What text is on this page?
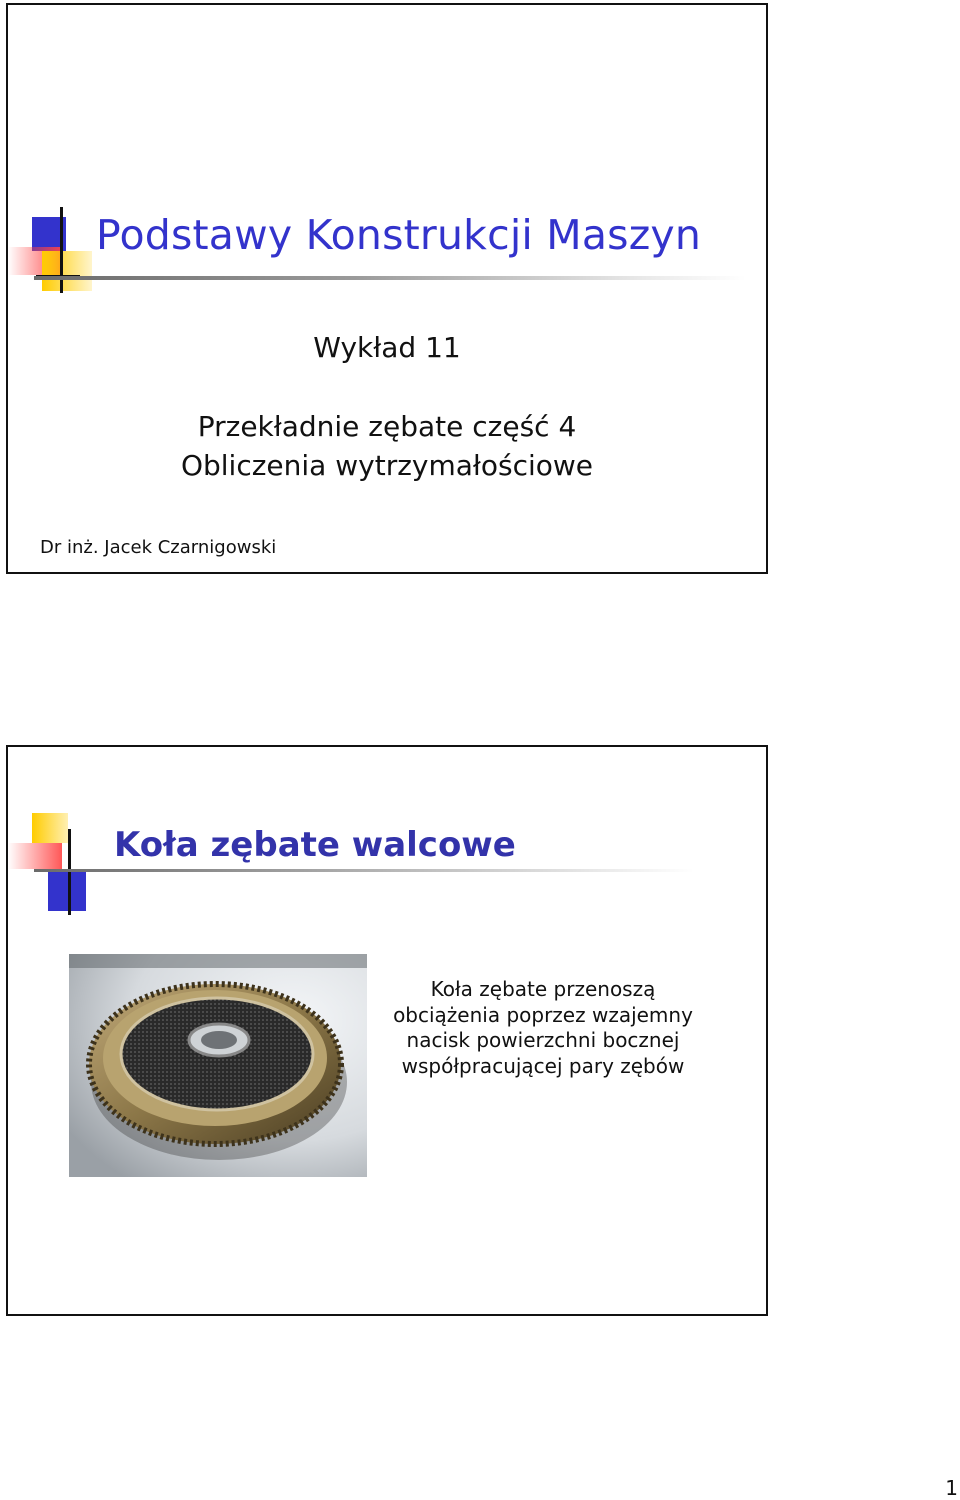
Podstawy Konstrukcji Maszyn
Wykład 11
Przekładnie zębate część 4
Obliczenia wytrzymałościowe
Dr inż. Jacek Czarnigowski
Koła zębate walcowe
Koła zębate przenoszą
obciążenia poprzez wzajemny
nacisk powierzchni bocznej
współpracującej pary zębów
1
